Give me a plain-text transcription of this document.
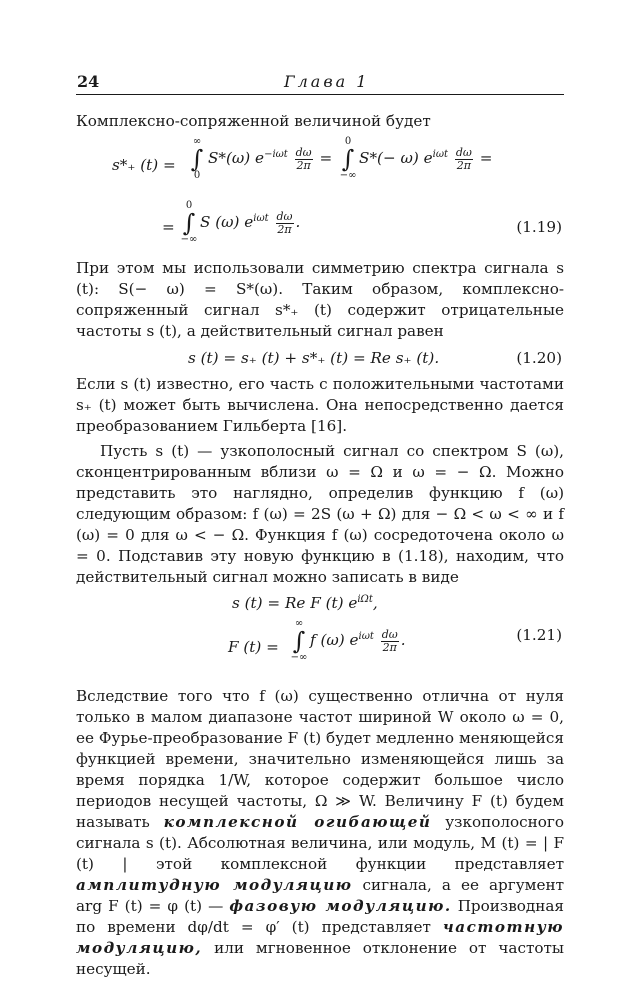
24	Глава 1
Комплексно-сопряженной величиной будет
s*₊ (t) =
∞
∫
0
S*(ω) $e^{-i\omega t} \frac{d\omega}{2\pi}$ =
0
∫
−∞
S*(− ω) $e^{i\omega t} \frac{d\omega}{2\pi}$ =
=
0
∫
−∞
S (ω) $e^{i\omega t} \frac{d\omega}{2\pi}$ .	(1.19)
При этом мы использовали симметрию спектра сигнала s (t): S(− ω) = S*(ω). Таким образом, комплексно-сопряженный сигнал s*₊ (t) содержит отрицательные частоты s (t), а действительный сигнал равен
s (t) = s₊ (t) + s*₊ (t) = Re s₊ (t).	(1.20)
Если s (t) известно, его часть с положительными частотами s₊ (t) может быть вычислена. Она непосредственно дается преобразованием Гильберта [16].
Пусть s (t) — узкополосный сигнал со спектром S (ω), сконцентрированным вблизи ω = Ω и ω = − Ω. Можно представить это наглядно, определив функцию f (ω) следующим образом: f (ω) = 2S (ω + Ω) для − Ω < ω < ∞ и f (ω) = 0 для ω < − Ω. Функция f (ω) сосредоточена около ω = 0. Подставив эту новую функцию в (1.18), находим, что действительный сигнал можно записать в виде
s (t) = Re F (t) $e^{i\Omega t}$,
F (t) =
∞
∫
−∞
f (ω) $e^{i\omega t} \frac{d\omega}{2\pi}$ .	(1.21)
Вследствие того что f (ω) существенно отлична от нуля только в малом диапазоне частот шириной W около ω = 0, ее Фурье-преобразование F (t) будет медленно меняющейся функцией времени, значительно изменяющейся лишь за время порядка 1/W, которое содержит большое число периодов несущей частоты, Ω ≫ W. Величину F (t) будем называть комплексной огибающей узкополосного сигнала s (t). Абсолютная величина, или модуль, M (t) = | F (t) | этой комплексной функции представляет амплитудную модуляцию сигнала, а ее аргумент arg F (t) = φ (t) — фазовую модуляцию. Производная по времени dφ/dt = φ′ (t) представляет частотную модуляцию, или мгновенное отклонение от частоты несущей.
